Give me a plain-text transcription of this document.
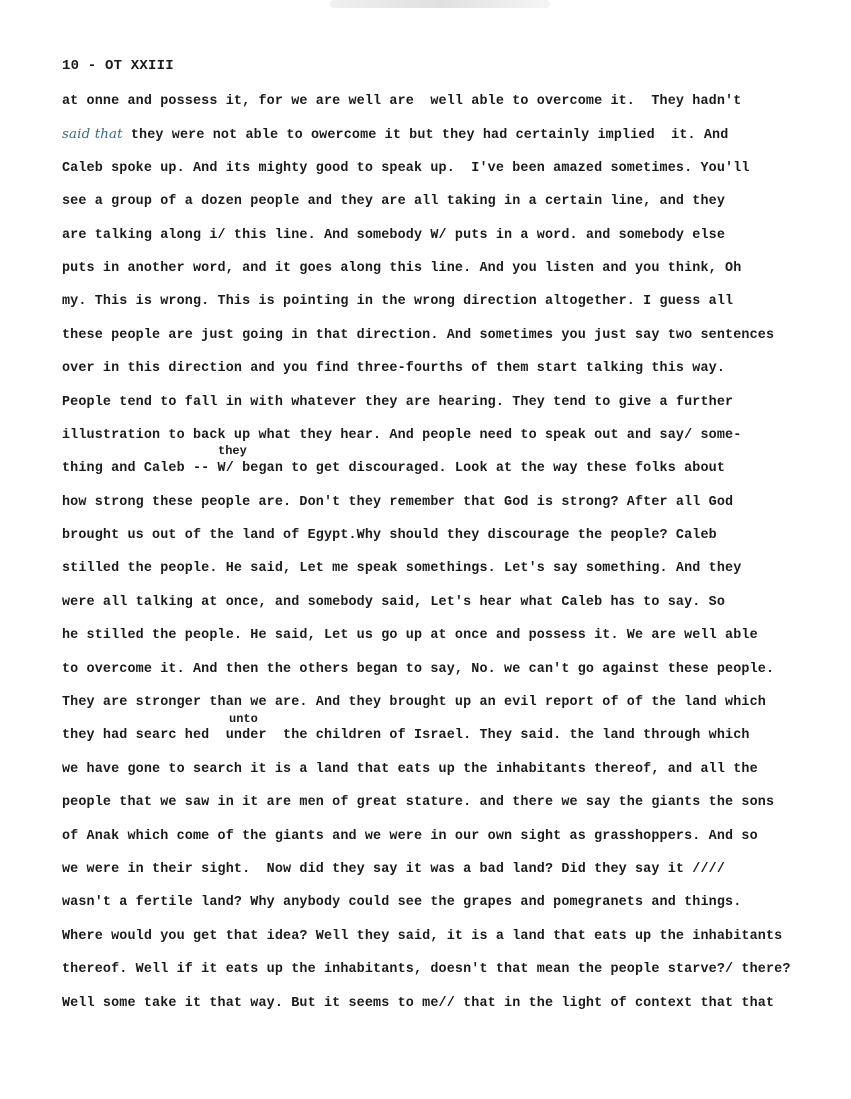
10 - OT XXIII
they
unto
at onne and possess it, for we are well are  well able to overcome it.  They hadn't
said that they were not able to owercome it but they had certainly implied  it. And
Caleb spoke up. And its mighty good to speak up.  I've been amazed sometimes. You'll
see a group of a dozen people and they are all taking in a certain line, and they
are talking along i/ this line. And somebody W/ puts in a word. and somebody else
puts in another word, and it goes along this line. And you listen and you think, Oh
my. This is wrong. This is pointing in the wrong direction altogether. I guess all
these people are just going in that direction. And sometimes you just say two sentences
over in this direction and you find three-fourths of them start talking this way.
People tend to fall in with whatever they are hearing. They tend to give a further
illustration to back up what they hear. And people need to speak out and say/ some-
thing and Caleb -- W/ began to get discouraged. Look at the way these folks about
how strong these people are. Don't they remember that God is strong? After all God
brought us out of the land of Egypt.Why should they discourage the people? Caleb
stilled the people. He said, Let me speak somethings. Let's say something. And they
were all talking at once, and somebody said, Let's hear what Caleb has to say. So
he stilled the people. He said, Let us go up at once and possess it. We are well able
to overcome it. And then the others began to say, No. we can't go against these people.
They are stronger than we are. And they brought up an evil report of of the land which
they had searc hed  under  the children of Israel. They said. the land through which
we have gone to search it is a land that eats up the inhabitants thereof, and all the
people that we saw in it are men of great stature. and there we say the giants the sons
of Anak which come of the giants and we were in our own sight as grasshoppers. And so
we were in their sight.  Now did they say it was a bad land? Did they say it ////
wasn't a fertile land? Why anybody could see the grapes and pomegranets and things.
Where would you get that idea? Well they said, it is a land that eats up the inhabitants
thereof. Well if it eats up the inhabitants, doesn't that mean the people starve?/ there?
Well some take it that way. But it seems to me// that in the light of context that that
